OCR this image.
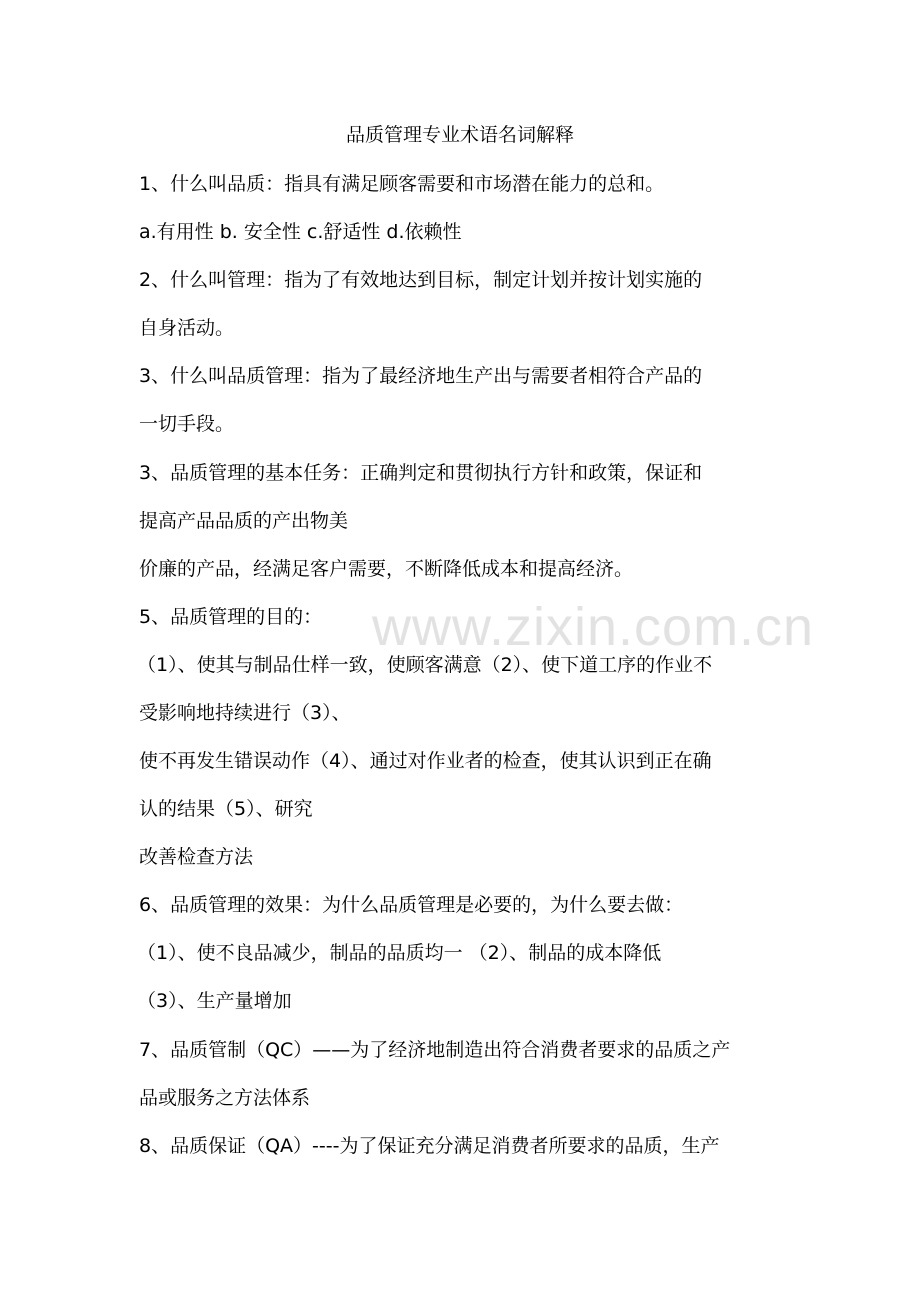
www.zixin.com.cn
品质管理专业术语名词解释
1、什么叫品质：指具有满足顾客需要和市场潜在能力的总和。
a.有用性 b. 安全性 c.舒适性 d.依赖性
2、什么叫管理：指为了有效地达到目标，制定计划并按计划实施的
自身活动。
3、什么叫品质管理：指为了最经济地生产出与需要者相符合产品的
一切手段。
3、品质管理的基本任务：正确判定和贯彻执行方针和政策，保证和
提高产品品质的产出物美
价廉的产品，经满足客户需要，不断降低成本和提高经济。
5、品质管理的目的：
（1）、使其与制品仕样一致，使顾客满意（2）、使下道工序的作业不
受影响地持续进行（3）、
使不再发生错误动作（4）、通过对作业者的检查，使其认识到正在确
认的结果（5）、研究
改善检查方法
6、品质管理的效果：为什么品质管理是必要的，为什么要去做：
（1）、使不良品减少，制品的品质均一 （2）、制品的成本降低
（3）、生产量增加
7、品质管制（QC）——为了经济地制造出符合消费者要求的品质之产
品或服务之方法体系
8、品质保证（QA）----为了保证充分满足消费者所要求的品质，生产
